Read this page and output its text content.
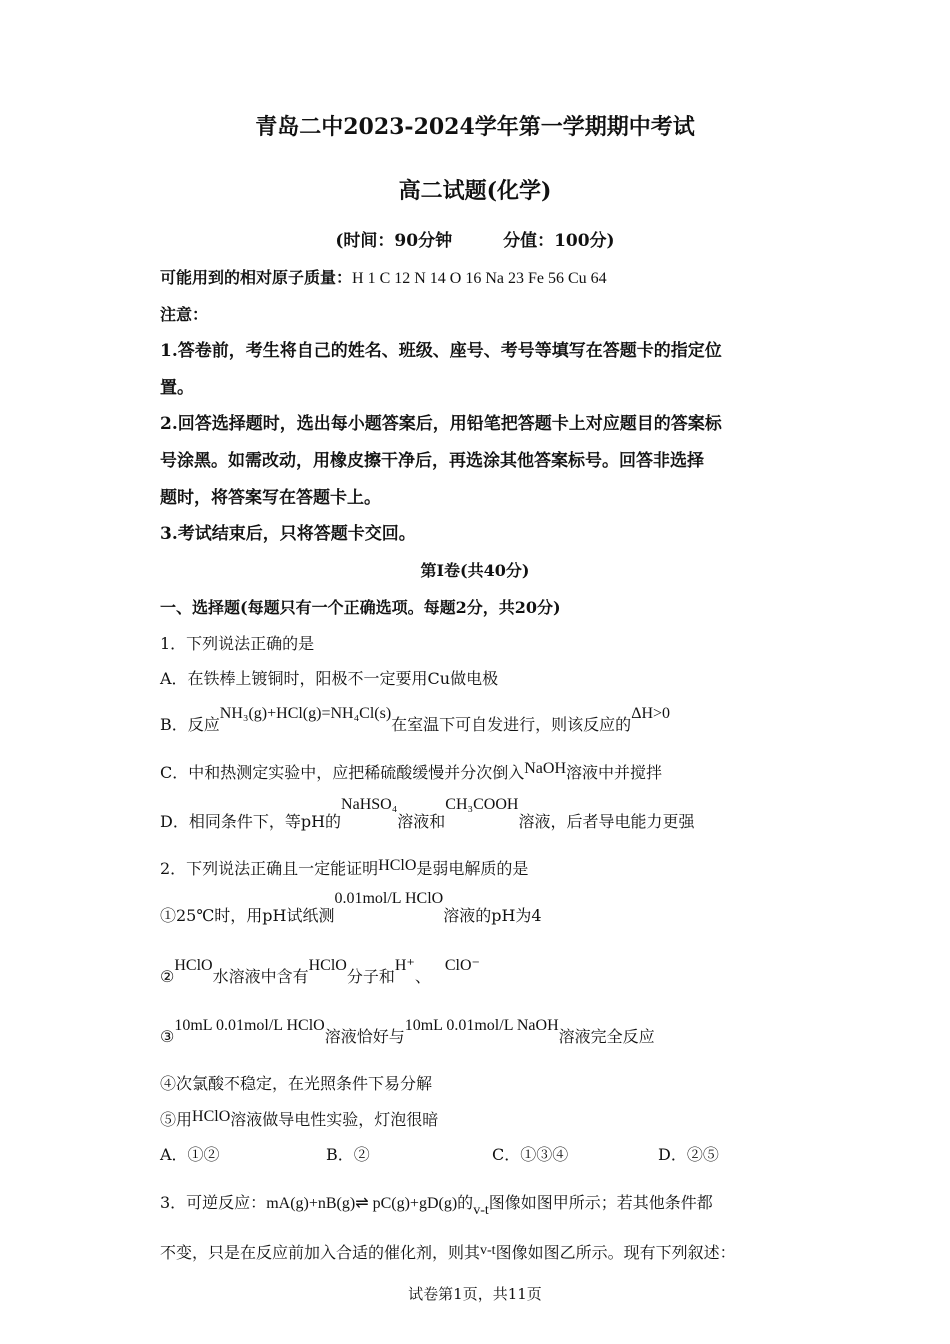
青岛二中2023-2024学年第一学期期中考试
高二试题(化学)
(时间：90分钟　　　分值：100分)
可能用到的相对原子质量：H 1 C 12 N 14 O 16 Na 23 Fe 56 Cu 64
注意：
1.答卷前，考生将自己的姓名、班级、座号、考号等填写在答题卡的指定位
置。
2.回答选择题时，选出每小题答案后，用铅笔把答题卡上对应题目的答案标
号涂黑。如需改动，用橡皮擦干净后，再选涂其他答案标号。回答非选择
题时，将答案写在答题卡上。
3.考试结束后，只将答题卡交回。
第Ⅰ卷(共40分)
一、选择题(每题只有一个正确选项。每题2分，共20分)
1．下列说法正确的是
A．在铁棒上镀铜时，阳极不一定要用Cu做电极
B．反应NH₃(g)+HCl(g)=NH₄Cl(s)在室温下可自发进行，则该反应的ΔH>0
C．中和热测定实验中，应把稀硫酸缓慢并分次倒入NaOH溶液中并搅拌
D．相同条件下，等pH的NaHSO₄溶液和CH₃COOH溶液，后者导电能力更强
2．下列说法正确且一定能证明HClO是弱电解质的是
①25℃时，用pH试纸测0.01mol/L HClO溶液的pH为4
②HClO水溶液中含有HClO分子和H⁺、ClO⁻
③10mL 0.01mol/L HClO溶液恰好与10mL 0.01mol/L NaOH溶液完全反应
④次氯酸不稳定，在光照条件下易分解
⑤用HClO溶液做导电性实验，灯泡很暗
A．①②	B．②	C．①③④	D．②⑤
3．可逆反应：mA(g)+nB(g)⇌ pC(g)+gD(g)的v-t图像如图甲所示；若其他条件都
不变，只是在反应前加入合适的催化剂，则其v-t图像如图乙所示。现有下列叙述：
试卷第1页，共11页
